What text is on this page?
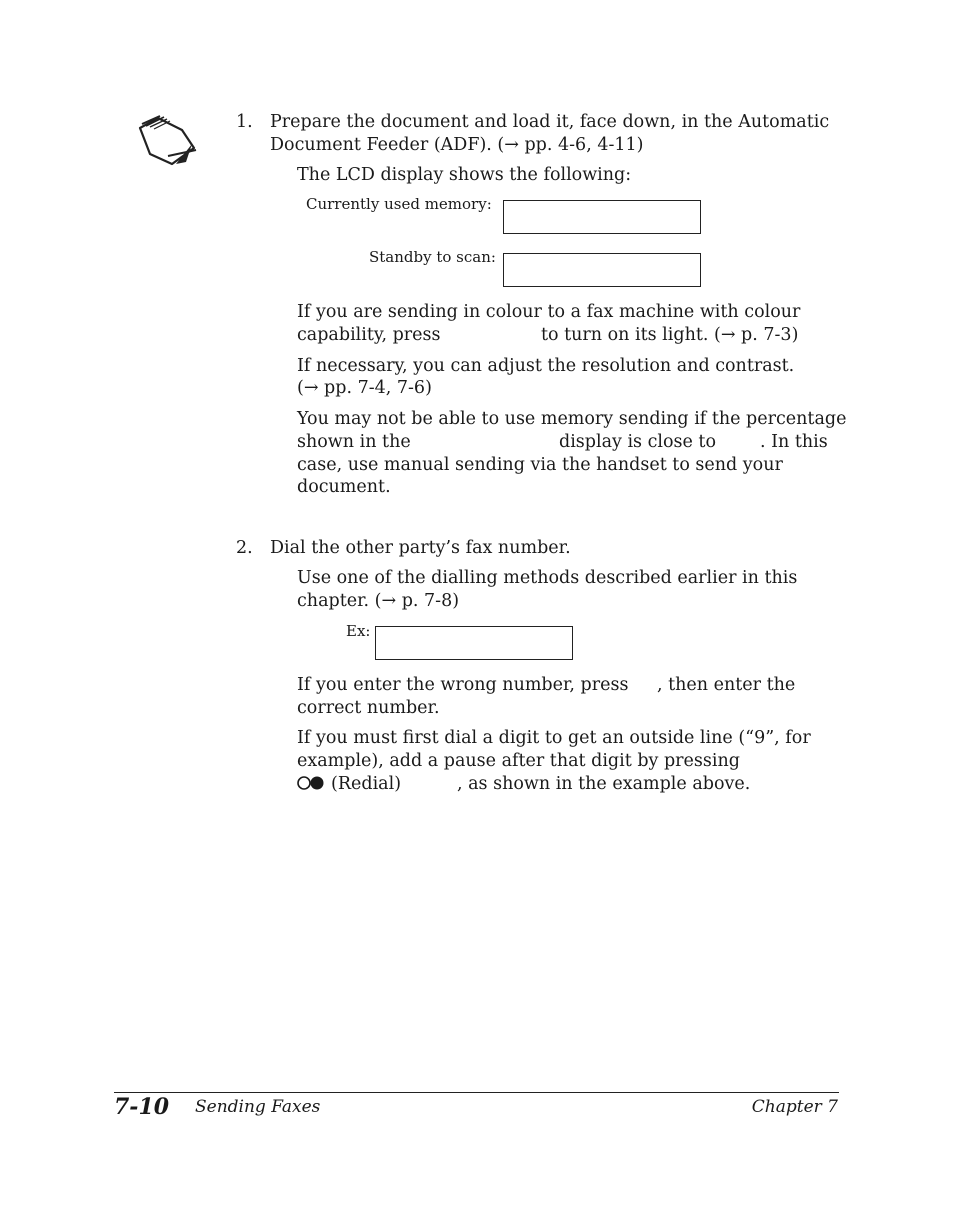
1. Prepare the document and load it, face down, in the Automatic
Document Feeder (ADF). (→ pp. 4-6, 4-11)
The LCD display shows the following:
Currently used memory:
Standby to scan:
If you are sending in colour to a fax machine with colour
capability, press	to turn on its light. (→ p. 7-3)
If necessary, you can adjust the resolution and contrast.
(→ pp. 7-4, 7-6)
You may not be able to use memory sending if the percentage
shown in the	display is close to	. In this
case, use manual sending via the handset to send your
document.
2. Dial the other party’s fax number.
Use one of the dialling methods described earlier in this
chapter. (→ p. 7-8)
Ex:
If you enter the wrong number, press , then enter the
correct number.
If you must first dial a digit to get an outside line (“9”, for
example), add a pause after that digit by pressing
(Redial)	, as shown in the example above.
7-10 Sending Faxes	Chapter 7
